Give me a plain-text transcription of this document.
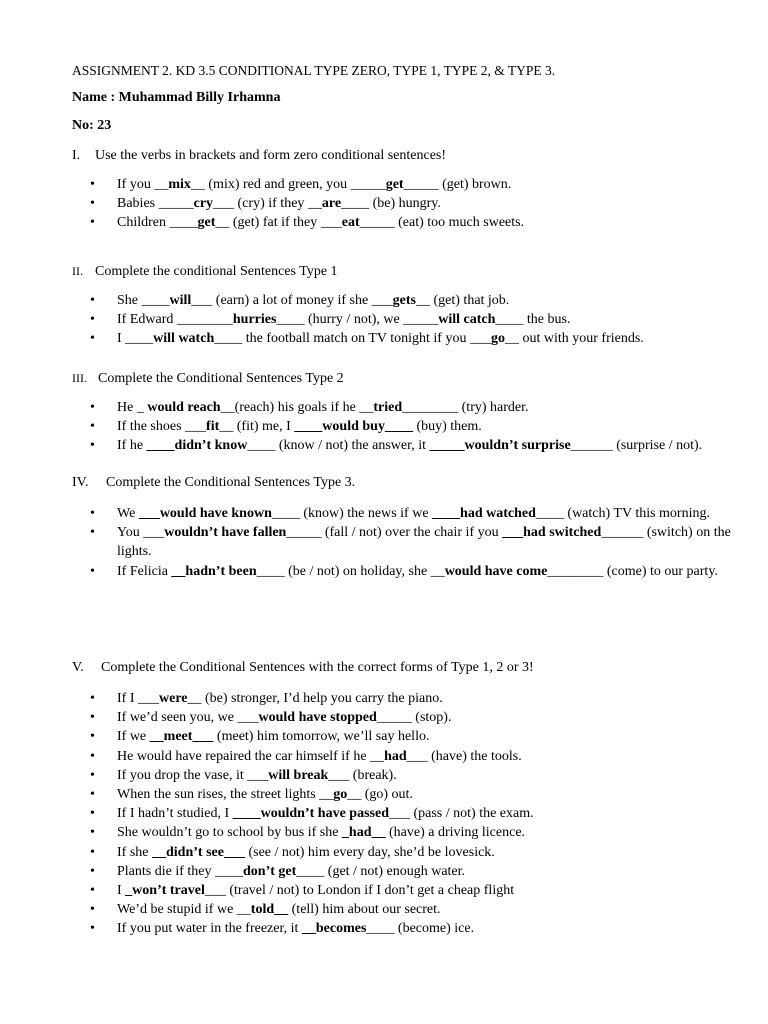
ASSIGNMENT 2. KD 3.5 CONDITIONAL TYPE ZERO, TYPE 1, TYPE 2, & TYPE 3.
Name : Muhammad Billy Irhamna
No: 23
I. Use the verbs in brackets and form zero conditional sentences!
• If you __mix__ (mix) red and green, you _____get_____ (get) brown.
• Babies _____cry___ (cry) if they __are____ (be) hungry.
• Children ____get__ (get) fat if they ___eat_____ (eat) too much sweets.
II. Complete the conditional Sentences Type 1
• She ____will___ (earn) a lot of money if she ___gets__ (get) that job.
• If Edward ________hurries____ (hurry / not), we _____will catch____ the bus.
• I ____will watch____ the football match on TV tonight if you ___go__ out with your friends.
III. Complete the Conditional Sentences Type 2
• He _ would reach__(reach) his goals if he __tried________ (try) harder.
• If the shoes ___fit__ (fit) me, I ____would buy____ (buy) them.
• If he ____didn’t know____ (know / not) the answer, it _____wouldn’t surprise______ (surprise / not).
IV. Complete the Conditional Sentences Type 3.
• We ___would have known____ (know) the news if we ____had watched____ (watch) TV this morning.
• You ___wouldn’t have fallen_____ (fall / not) over the chair if you ___had switched______ (switch) on the lights.
• If Felicia __hadn’t been____ (be / not) on holiday, she __would have come________ (come) to our party.
V. Complete the Conditional Sentences with the correct forms of Type 1, 2 or 3!
• If I ___were__ (be) stronger, I’d help you carry the piano.
• If we’d seen you, we ___would have stopped_____ (stop).
• If we __meet___ (meet) him tomorrow, we’ll say hello.
• He would have repaired the car himself if he __had___ (have) the tools.
• If you drop the vase, it ___will break___ (break).
• When the sun rises, the street lights __go__ (go) out.
• If I hadn’t studied, I ____wouldn’t have passed___ (pass / not) the exam.
• She wouldn’t go to school by bus if she _had__ (have) a driving licence.
• If she __didn’t see___ (see / not) him every day, she’d be lovesick.
• Plants die if they ____don’t get____ (get / not) enough water.
• I _won’t travel___ (travel / not) to London if I don’t get a cheap flight
• We’d be stupid if we __told__ (tell) him about our secret.
• If you put water in the freezer, it __becomes____ (become) ice.
